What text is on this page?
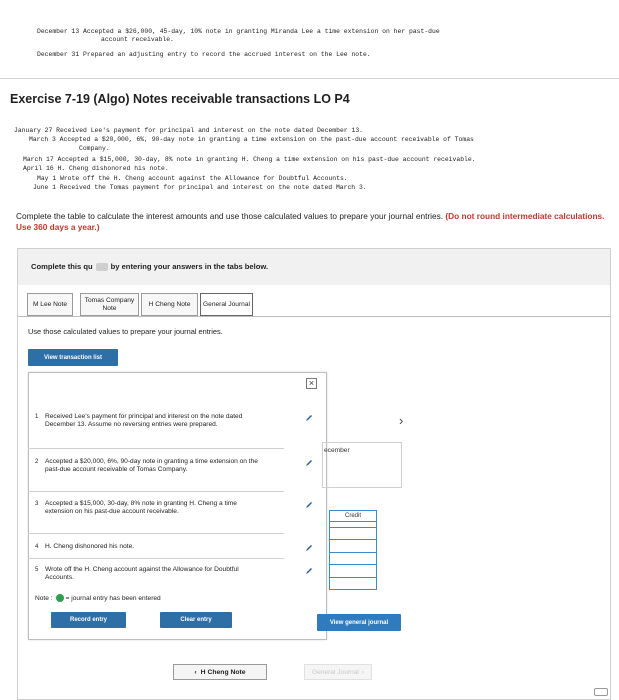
December 13 Accepted a $26,000, 45-day, 10% note in granting Miranda Lee a time extension on her past-due
account receivable.
December 31 Prepared an adjusting entry to record the accrued interest on the Lee note.
Exercise 7-19 (Algo) Notes receivable transactions LO P4
January 27 Received Lee's payment for principal and interest on the note dated December 13.
March 3 Accepted a $20,000, 6%, 90-day note in granting a time extension on the past-due account receivable of Tomas
Company.
March 17 Accepted a $15,000, 30-day, 8% note in granting H. Cheng a time extension on his past-due account receivable.
April 16 H. Cheng dishonored his note.
May 1 Wrote off the H. Cheng account against the Allowance for Doubtful Accounts.
June 1 Received the Tomas payment for principal and interest on the note dated March 3.
Complete the table to calculate the interest amounts and use those calculated values to prepare your journal entries. (Do not round intermediate calculations. Use 360 days a year.)
Complete this qu by entering your answers in the tabs below.
M Lee Note
Tomas Company Note
H Cheng Note	General Journal
Use those calculated values to prepare your journal entries.
View transaction list
×
ecember
›
Credit
1 Received Lee's payment for principal and interest on the note dated December 13. Assume no reversing entries were prepared.
2 Accepted a $20,000, 6%, 90-day note in granting a time extension on the past-due account receivable of Tomas Company.
3 Accepted a $15,000, 30-day, 8% note in granting H. Cheng a time extension on his past-due account receivable.
4 H. Cheng dishonored his note.
5 Wrote off the H. Cheng account against the Allowance for Doubtful Accounts.
Note : = journal entry has been entered
Record entry	Clear entry	View general journal
‹ H Cheng Note	General Journal ›
